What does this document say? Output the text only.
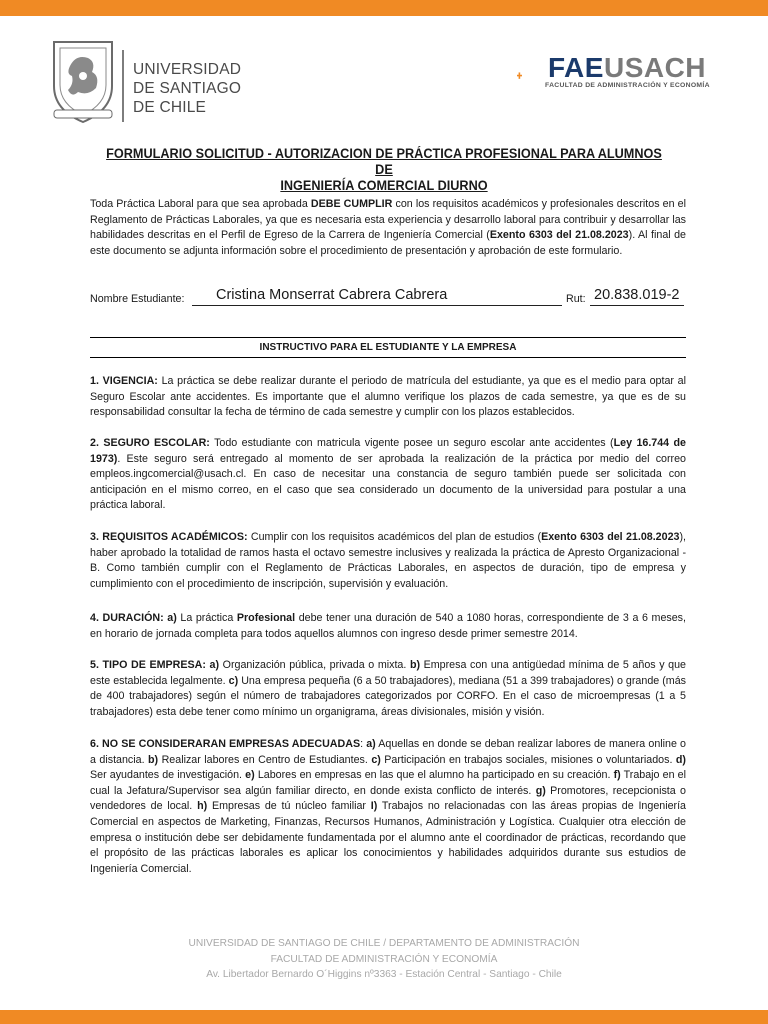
UNIVERSIDAD
DE SANTIAGO
DE CHILE
FAEUSACH
FACULTAD DE ADMINISTRACIÓN Y ECONOMÍA
FORMULARIO SOLICITUD - AUTORIZACION DE PRÁCTICA PROFESIONAL PARA ALUMNOS DE
INGENIERÍA COMERCIAL DIURNO

Toda Práctica Laboral para que sea aprobada DEBE CUMPLIR con los requisitos académicos y profesionales descritos en el Reglamento de Prácticas Laborales, ya que es necesaria esta experiencia y desarrollo laboral para contribuir y desarrollar las habilidades descritas en el Perfil de Egreso de la Carrera de Ingeniería Comercial (Exento 6303 del 21.08.2023). Al final de este documento se adjunta información sobre el procedimiento de presentación y aprobación de este formulario.

Nombre Estudiante: Cristina Monserrat Cabrera Cabrera	Rut: 20.838.019-2
INSTRUCTIVO PARA EL ESTUDIANTE Y LA EMPRESA

1. VIGENCIA: La práctica se debe realizar durante el periodo de matrícula del estudiante, ya que es el medio para optar al Seguro Escolar ante accidentes. Es importante que el alumno verifique los plazos de cada semestre, ya que es de su responsabilidad consultar la fecha de término de cada semestre y cumplir con los plazos establecidos.

2. SEGURO ESCOLAR: Todo estudiante con matricula vigente posee un seguro escolar ante accidentes (Ley 16.744 de 1973). Este seguro será entregado al momento de ser aprobada la realización de la práctica por medio del correo empleos.ingcomercial@usach.cl. En caso de necesitar una constancia de seguro también puede ser solicitada con anticipación en el mismo correo, en el caso que sea considerado un documento de la universidad para postular a una práctica laboral.

3. REQUISITOS ACADÉMICOS: Cumplir con los requisitos académicos del plan de estudios (Exento 6303 del 21.08.2023), haber aprobado la totalidad de ramos hasta el octavo semestre inclusives y realizada la práctica de Apresto Organizacional - B. Como también cumplir con el Reglamento de Prácticas Laborales, en aspectos de duración, tipo de empresa y cumplimiento con el procedimiento de inscripción, supervisión y evaluación.

4. DURACIÓN: a) La práctica Profesional debe tener una duración de 540 a 1080 horas, correspondiente de 3 a 6 meses, en horario de jornada completa para todos aquellos alumnos con ingreso desde primer semestre 2014.

5. TIPO DE EMPRESA: a) Organización pública, privada o mixta. b) Empresa con una antigüedad mínima de 5 años y que este establecida legalmente. c) Una empresa pequeña (6 a 50 trabajadores), mediana (51 a 399 trabajadores) o grande (más de 400 trabajadores) según el número de trabajadores categorizados por CORFO. En el caso de microempresas (1 a 5 trabajadores) esta debe tener como mínimo un organigrama, áreas divisionales, misión y visión.

6. NO SE CONSIDERARAN EMPRESAS ADECUADAS: a) Aquellas en donde se deban realizar labores de manera online o a distancia. b) Realizar labores en Centro de Estudiantes. c) Participación en trabajos sociales, misiones o voluntariados. d) Ser ayudantes de investigación. e) Labores en empresas en las que el alumno ha participado en su creación. f) Trabajo en el cual la Jefatura/Supervisor sea algún familiar directo, en donde exista conflicto de interés. g) Promotores, recepcionista o vendedores de local. h) Empresas de tú núcleo familiar I) Trabajos no relacionadas con las áreas propias de Ingeniería Comercial en aspectos de Marketing, Finanzas, Recursos Humanos, Administración y Logística. Cualquier otra elección de empresa o institución debe ser debidamente fundamentada por el alumno ante el coordinador de prácticas, recordando que el propósito de las prácticas laborales es aplicar los conocimientos y habilidades adquiridos durante sus estudios de Ingeniería Comercial.

UNIVERSIDAD DE SANTIAGO DE CHILE / DEPARTAMENTO DE ADMINISTRACIÓN
FACULTAD DE ADMINISTRACIÓN Y ECONOMÍA
Av. Libertador Bernardo O´Higgins nº3363 - Estación Central - Santiago - Chile
